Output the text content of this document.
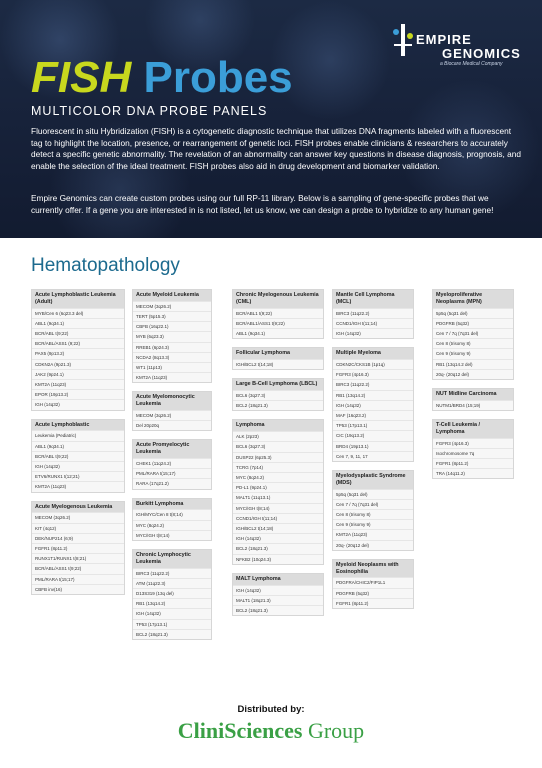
EMPIRE
GENOMICS
a Biocare Medical Company
FISH Probes
MULTICOLOR DNA PROBE PANELS

Fluorescent in situ Hybridization (FISH) is a cytogenetic diagnostic technique that utilizes DNA fragments labeled with a fluorescent tag to highlight the location, presence, or rearrangement of genetic loci. FISH probes enable clinicians & researchers to accurately detect a specific genetic abnormality. The revelation of an abnormality can answer key questions in disease diagnosis, prognosis, and enable the selection of the ideal treatment. FISH probes also aid in drug development and biomarker validation.

Empire Genomics can create custom probes using our full RP-11 library. Below is a sampling of gene-specific probes that we currently offer. If a gene you are interested in is not listed, let us know, we can design a probe to hybridize to any human gene!

Hematopathology
Acute Lymphoblastic Leukemia (Adult)
MYB/Cen 6 (6q23.3 del)
ABL1 (9q34.1)
BCR/ABL t(9;22)
BCR/ABL/ASS1 (9;22)
PAX5 (9p13.2)
CDKN2A (9p21.3)
JAK2 (9p24.1)
KMT2A (11q23)
EPOR (19p13.2)
IGH (14q32)
Acute Lymphoblastic
Leukemia (Pediatric)
ABL1 (9q34.1)
BCR/ABL t(9;22)
IGH (14q32)
ETV6/RUNX1 t(12;21)
KMT2A (11q23)
Acute Myelogenous Leukemia
MECOM (3q26.2)
KIT (4q12)
DEK/NUP214 (6;9)
FGFR1 (8p11.2)
RUNX1T1/RUNX1 t(8;21)
BCR/ABL/ASS1 t(9;22)
PML/RARA t(15;17)
CBFB inv(16)
Acute Myeloid Leukemia
MECOM (3q26.2)
TERT (5p15.3)
CBFB (16q22.1)
MYB (6q23.3)
RREB1 (6p24.3)
NCDA2 (8q13.3)
WT1 (11p13)
KMT2A (11q23)
Acute Myelomonocytic Leukemia
MECOM (3q26.2)
Del 20p20q
Acute Promyelocytic Leukemia
CHEK1 (11q24.2)
PML/RARA t(15;17)
RARA (17q21.2)
Burkitt Lymphoma
IGH/MYC/Cen 8 t(8;14)
MYC (8q24.2)
MYC/IGH t(8;14)
Chronic Lymphocytic Leukemia
BIRC3 (11q22.2)
ATM (11q22.3)
D13S319 (13q del)
RB1 (13q14.2)
IGH (14q32)
TP53 (17p13.1)
BCL2 (18q21.3)
Chronic Myelogenous Leukemia (CML)
BCR/ABL1 t(9;22)
BCR/ABL1/ASS1 t(9;22)
ABL1 (9q34.1)
Follicular Lymphoma
IGH/BCL2 t(14;18)
Large B-Cell Lymphoma (LBCL)
BCL6 (3q27.3)
BCL2 (18q21.3)
Lymphoma
ALK (2p23)
BCL6 (3q27.3)
DUSP22 (6p25.3)
TCRG (7p14)
MYC (8q24.2)
PD-L1 (9p24.1)
MALT1 (11q13.1)
MYC/IGH t(8;14)
CCND1/IGH t(11;14)
IGH/BCL2 t(14;18)
IGH (14q32)
BCL2 (18q21.3)
NFKB2 (10q24.3)
MALT Lymphoma
IGH (14q32)
MALT1 (18q21.3)
BCL2 (18q21.3)
Mantle Cell Lymphoma (MCL)
BIRC3 (11q22.2)
CCND1/IGH t(11;14)
IGH (14q32)
Multiple Myeloma
CDKN2C/CKS1B (1p1q)
FGFR3 (4p16.3)
BIRC3 (11q22.2)
RB1 (13q14.2)
IGH (14q32)
MAF (16q23.2)
TP53 (17p13.1)
CIC (19q13.2)
BRD4 (19p13.1)
Cen 7, 9, 11, 17
Myelodysplastic Syndrome (MDS)
5p5q (5q31 del)
Cen 7 / 7q (7q31 del)
Cen 8 (trisomy 8)
Cen 9 (trisomy 9)
KMT2A (11q23)
20q- (20q12 del)
Myeloid Neoplasms with Eosinophilia
PDGFRA/CHIC2/FIP1L1
PDGFRB (5q32)
FGFR1 (8p11.2)
Myeloproliferative Neoplasms (MPN)
5p5q (5q31 del)
PDGFRB (5q32)
Cen 7 / 7q (7q31 del)
Cen 8 (trisomy 8)
Cen 9 (trisomy 9)
RB1 (13q14.2 del)
20q- (20q12 del)
NUT Midline Carcinoma
NUTM1/BRD4 (15;19)
T-Cell Leukemia / Lymphoma
FGFR3 (4p16.3)
Isochromosome 7q
FGFR1 (8p11.2)
TRA (14q11.2)
Distributed by:
CliniSciences Group
